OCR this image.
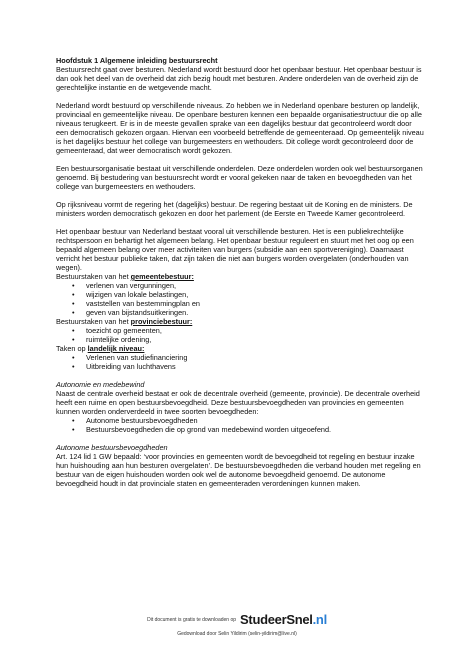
Hoofdstuk 1 Algemene inleiding bestuursrecht

Bestuursrecht gaat over besturen. Nederland wordt bestuurd door het openbaar bestuur. Het openbaar bestuur is dan ook het deel van de overheid dat zich bezig houdt met besturen. Andere onderdelen van de overheid zijn de gerechtelijke instantie en de wetgevende macht.

Nederland wordt bestuurd op verschillende niveaus. Zo hebben we in Nederland openbare besturen op landelijk, provinciaal en gemeentelijke niveau. De openbare besturen kennen een bepaalde organisatiestructuur die op alle niveaus terugkeert. Er is in de meeste gevallen sprake van een dagelijks bestuur dat gecontroleerd wordt door een democratisch gekozen orgaan. Hiervan een voorbeeld betreffende de gemeenteraad. Op gemeentelijk niveau is het dagelijks bestuur het college van burgemeesters en wethouders. Dit college wordt gecontroleerd door de gemeenteraad, dat weer democratisch wordt gekozen.

Een bestuursorganisatie bestaat uit verschillende onderdelen. Deze onderdelen worden ook wel bestuursorganen genoemd. Bij bestudering van bestuursrecht wordt er vooral gekeken naar de taken en bevoegdheden van het college van burgemeesters en wethouders.

Op rijksniveau vormt de regering het (dagelijks) bestuur. De regering bestaat uit de Koning en de ministers. De ministers worden democratisch gekozen en door het parlement (de Eerste en Tweede Kamer gecontroleerd.

Het openbaar bestuur van Nederland bestaat vooral uit verschillende besturen. Het is een publiekrechtelijke rechtspersoon en behartigt het algemeen belang. Het openbaar bestuur reguleert en stuurt met het oog op een bepaald algemeen belang over meer activiteiten van burgers (subsidie aan een sportvereniging). Daarnaast verricht het bestuur publieke taken, dat zijn taken die niet aan burgers worden overgelaten (onderhouden van wegen).
Bestuurstaken van het gemeentebestuur:
• verlenen van vergunningen,
• wijzigen van lokale belastingen,
• vaststellen van bestemmingplan en
• geven van bijstandsuitkeringen.
Bestuurstaken van het provinciebestuur:
• toezicht op gemeenten,
• ruimtelijke ordening,
Taken op landelijk niveau:
• Verlenen van studiefinanciering
• Uitbreiding van luchthavens
Autonomie en medebewind
Naast de centrale overheid bestaat er ook de decentrale overheid (gemeente, provincie). De decentrale overheid heeft een ruime en open bestuursbevoegdheid. Deze bestuursbevoegdheden van provincies en gemeenten kunnen worden onderverdeeld in twee soorten bevoegdheden:
• Autonome bestuursbevoegdheden
• Bestuursbevoegdheden die op grond van medebewind worden uitgeoefend.
Autonome bestuursbevoegdheden
Art. 124 lid 1 GW bepaald: ‘voor provincies en gemeenten wordt de bevoegdheid tot regeling en bestuur inzake hun huishouding aan hun besturen overgelaten’. De bestuursbevoegdheden die verband houden met regeling en bestuur van de eigen huishouden worden ook wel de autonome bevoegdheid genoemd. De autonome bevoegdheid houdt in dat provinciale staten en gemeenteraden verordeningen kunnen maken.
Dit document is gratis te downloaden op StudeerSnel.nl
Gedownload door Selin Yildirim (selin-yildirim@live.nl)
